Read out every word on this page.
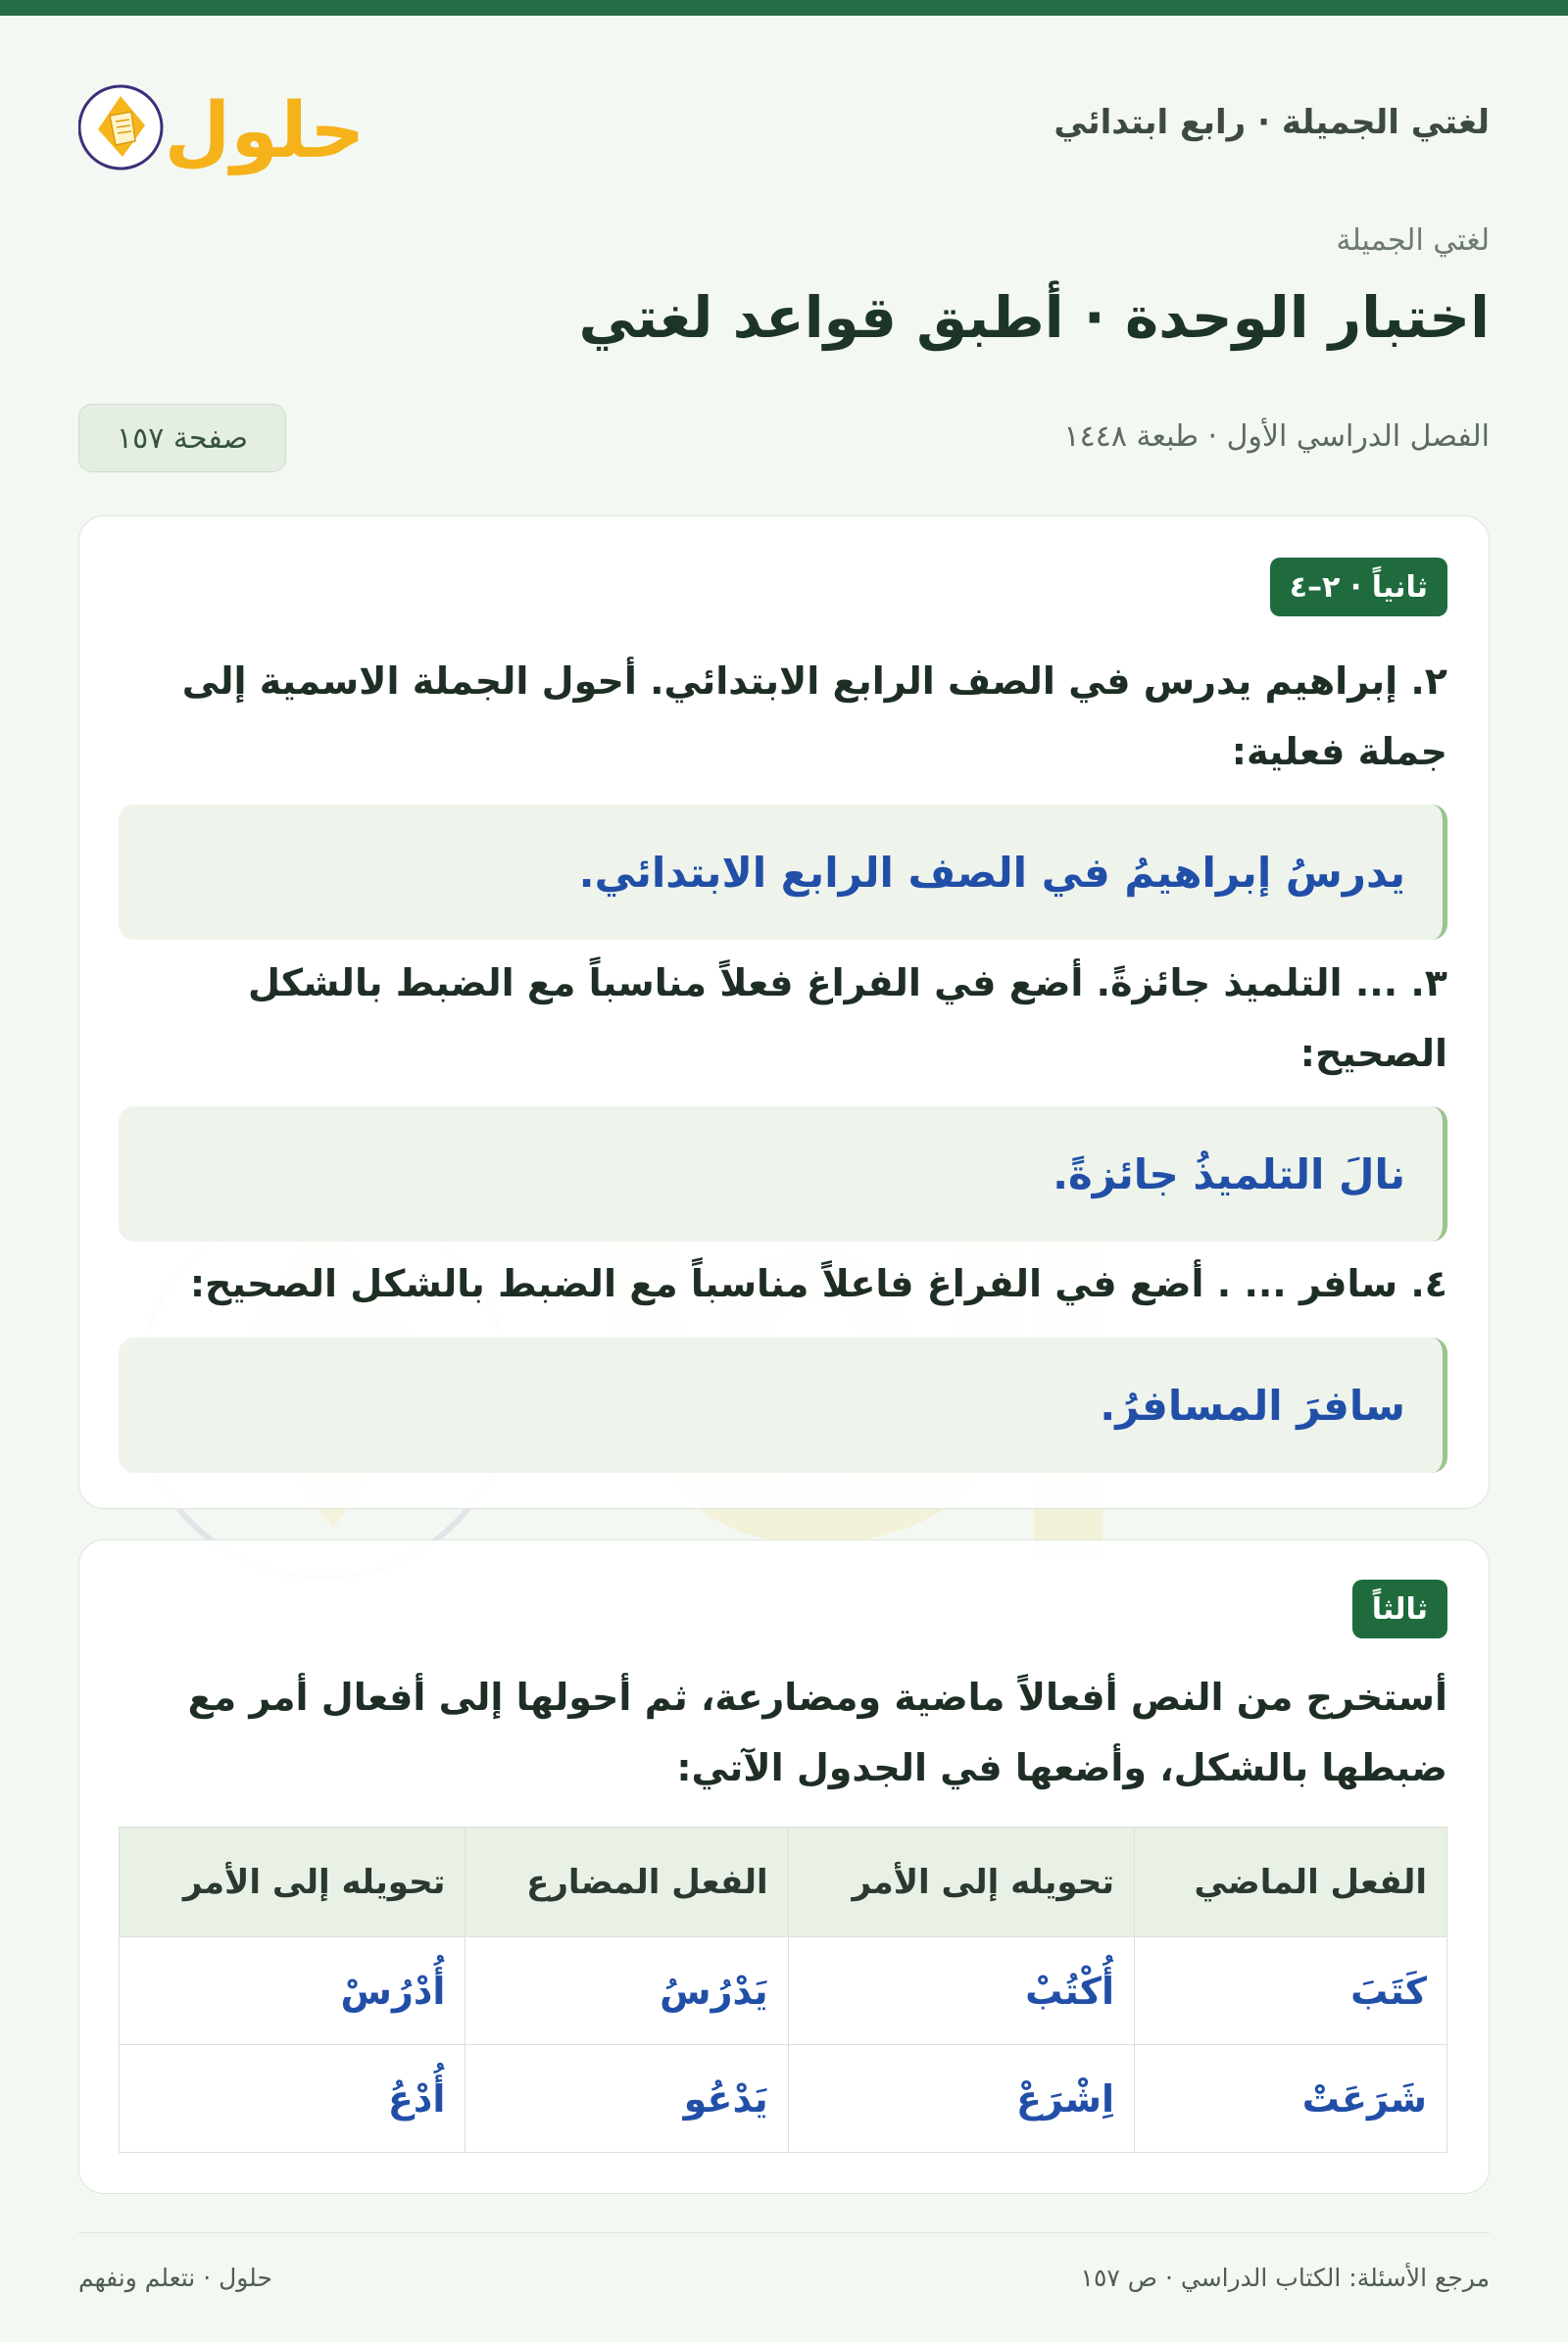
لغتي الجميلة · رابع ابتدائي
حلول
لغتي الجميلة
اختبار الوحدة · أطبق قواعد لغتي
الفصل الدراسي الأول · طبعة ١٤٤٨
صفحة ١٥٧
ثانياً · ٢–٤
٢. إبراهيم يدرس في الصف الرابع الابتدائي. أحول الجملة الاسمية إلى جملة فعلية:
يدرسُ إبراهيمُ في الصف الرابع الابتدائي.
٣. ... التلميذ جائزةً. أضع في الفراغ فعلاً مناسباً مع الضبط بالشكل الصحيح:
نالَ التلميذُ جائزةً.
٤. سافر ... . أضع في الفراغ فاعلاً مناسباً مع الضبط بالشكل الصحيح:
سافرَ المسافرُ.
ثالثاً
أستخرج من النص أفعالاً ماضية ومضارعة، ثم أحولها إلى أفعال أمر مع ضبطها بالشكل، وأضعها في الجدول الآتي:
الفعل الماضي	تحويله إلى الأمر	الفعل المضارع	تحويله إلى الأمر
كَتَبَ	أُكْتُبْ	يَدْرُسُ	أُدْرُسْ
شَرَعَتْ	اِشْرَعْ	يَدْعُو	أُدْعُ
مرجع الأسئلة: الكتاب الدراسي · ص ١٥٧
حلول · نتعلم ونفهم
